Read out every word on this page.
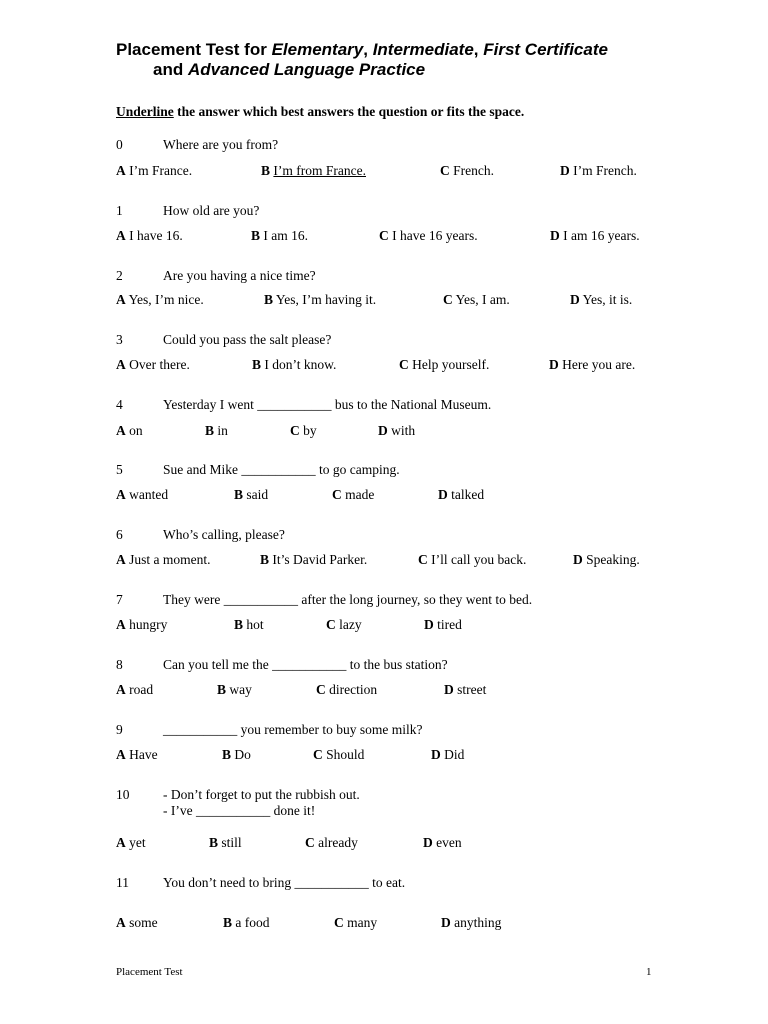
Placement Test for Elementary, Intermediate, First Certificate
and Advanced Language Practice
Underline the answer which best answers the question or fits the space.
0	Where are you from?
A I’m France.	B I’m from France.	C French.	D I’m French.
1	How old are you?
A I have 16.	B I am 16.	C I have 16 years.	D I am 16 years.
2	Are you having a nice time?
A Yes, I’m nice.	B Yes, I’m having it.	C Yes, I am.	D Yes, it is.
3	Could you pass the salt please?
A Over there.	B I don’t know.	C Help yourself.	D Here you are.
4	Yesterday I went ___________ bus to the National Museum.
A on	B in	C by	D with
5	Sue and Mike ___________ to go camping.
A wanted	B said	C made	D talked
6	Who’s calling, please?
A Just a moment.	B It’s David Parker.	C I’ll call you back.	D Speaking.
7	They were ___________ after the long journey, so they went to bed.
A hungry	B hot	C lazy	D tired
8	Can you tell me the ___________ to the bus station?
A road	B way	C direction	D street
9	___________ you remember to buy some milk?
A Have	B Do	C Should	D Did
10 - Don’t forget to put the rubbish out.
- I’ve ___________ done it!
A yet	B still	C already	D even
11	You don’t need to bring ___________ to eat.
A some	B a food	C many	D anything
Placement Test	1
